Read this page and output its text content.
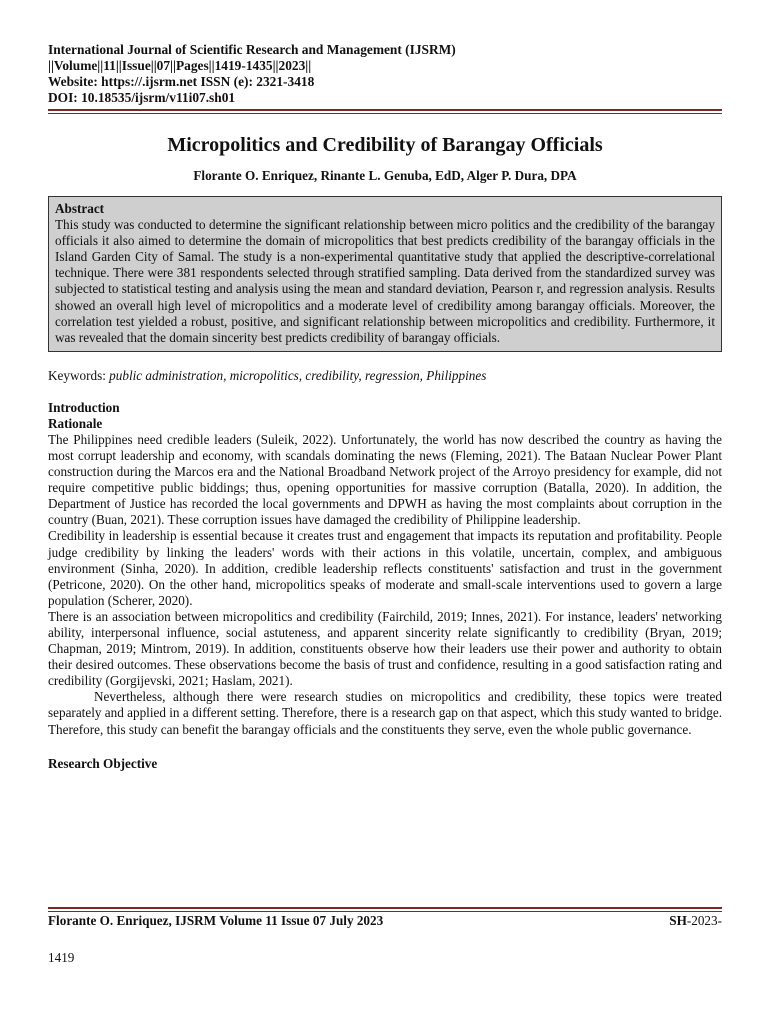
International Journal of Scientific Research and Management (IJSRM)
||Volume||11||Issue||07||Pages||1419-1435||2023||
Website: https://.ijsrm.net ISSN (e): 2321-3418
DOI: 10.18535/ijsrm/v11i07.sh01
Micropolitics and Credibility of Barangay Officials
Florante O. Enriquez, Rinante L. Genuba, EdD, Alger P. Dura, DPA
Abstract
This study was conducted to determine the significant relationship between micro politics and the credibility of the barangay officials it also aimed to determine the domain of micropolitics that best predicts credibility of the barangay officials in the Island Garden City of Samal. The study is a non-experimental quantitative study that applied the descriptive-correlational technique. There were 381 respondents selected through stratified sampling. Data derived from the standardized survey was subjected to statistical testing and analysis using the mean and standard deviation, Pearson r, and regression analysis. Results showed an overall high level of micropolitics and a moderate level of credibility among barangay officials. Moreover, the correlation test yielded a robust, positive, and significant relationship between micropolitics and credibility. Furthermore, it was revealed that the domain sincerity best predicts credibility of barangay officials.
Keywords: public administration, micropolitics, credibility, regression, Philippines
Introduction
Rationale

The Philippines need credible leaders (Suleik, 2022). Unfortunately, the world has now described the country as having the most corrupt leadership and economy, with scandals dominating the news (Fleming, 2021). The Bataan Nuclear Power Plant construction during the Marcos era and the National Broadband Network project of the Arroyo presidency for example, did not require competitive public biddings; thus, opening opportunities for massive corruption (Batalla, 2020). In addition, the Department of Justice has recorded the local governments and DPWH as having the most complaints about corruption in the country (Buan, 2021). These corruption issues have damaged the credibility of Philippine leadership.

Credibility in leadership is essential because it creates trust and engagement that impacts its reputation and profitability. People judge credibility by linking the leaders' words with their actions in this volatile, uncertain, complex, and ambiguous environment (Sinha, 2020). In addition, credible leadership reflects constituents' satisfaction and trust in the government (Petricone, 2020). On the other hand, micropolitics speaks of moderate and small-scale interventions used to govern a large population (Scherer, 2020).

There is an association between micropolitics and credibility (Fairchild, 2019; Innes, 2021). For instance, leaders' networking ability, interpersonal influence, social astuteness, and apparent sincerity relate significantly to credibility (Bryan, 2019; Chapman, 2019; Mintrom, 2019). In addition, constituents observe how their leaders use their power and authority to obtain their desired outcomes. These observations become the basis of trust and confidence, resulting in a good satisfaction rating and credibility (Gorgijevski, 2021; Haslam, 2021).

Nevertheless, although there were research studies on micropolitics and credibility, these topics were treated separately and applied in a different setting. Therefore, there is a research gap on that aspect, which this study wanted to bridge. Therefore, this study can benefit the barangay officials and the constituents they serve, even the whole public governance.

Research Objective
Florante O. Enriquez, IJSRM Volume 11 Issue 07 July 2023	SH-2023-
1419
